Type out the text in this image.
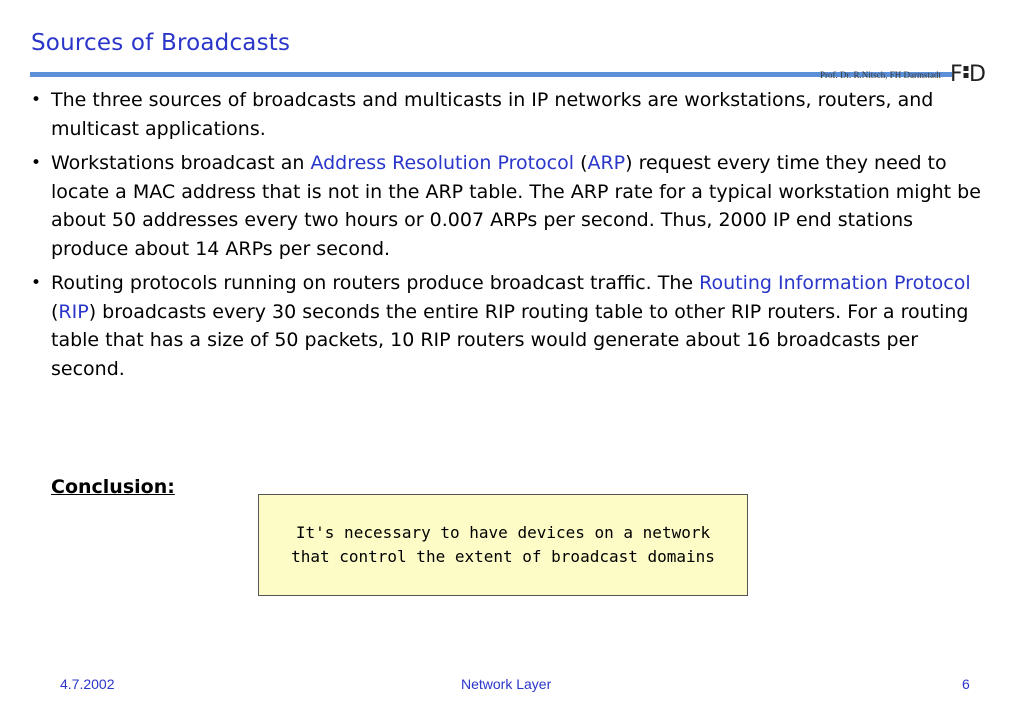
Sources of Broadcasts
Prof. Dr. R.Nitsch, FH Darmstadt F D
• The three sources of broadcasts and multicasts in IP networks are workstations, routers, and multicast applications.
• Workstations broadcast an Address Resolution Protocol (ARP) request every time they need to locate a MAC address that is not in the ARP table. The ARP rate for a typical workstation might be about 50 addresses every two hours or 0.007 ARPs per second. Thus, 2000 IP end stations produce about 14 ARPs per second.
• Routing protocols running on routers produce broadcast traffic. The Routing Information Protocol (RIP) broadcasts every 30 seconds the entire RIP routing table to other RIP routers. For a routing table that has a size of 50 packets, 10 RIP routers would generate about 16 broadcasts per second.
Conclusion:
It's necessary to have devices on a network
that control the extent of broadcast domains
4.7.2002	Network Layer	6
